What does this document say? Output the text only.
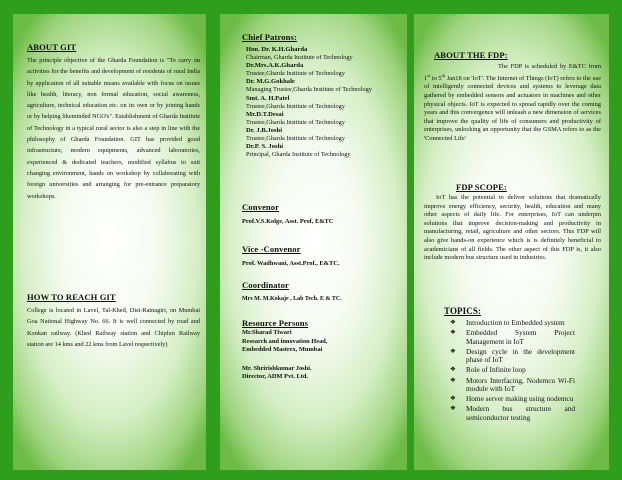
ABOUT GIT

The principle objective of the Gharda Foundation is "To carry on activities for the benefits and development of residents of rural India by application of all suitable means available with focus on issues like health, literacy, non formal education, social awareness, agriculture, technical education etc. on its own or by joining hands or by helping likeminded NGO's". Establishment of Gharda Institute of Technology in a typical rural sector is also a step in line with the philosophy of Gharda Foundation. GIT has provided good infrastructure, modern equipments, advanced laboratories, experienced & dedicated teachers, modified syllabus to suit changing environment, hands on workshop by collaborating with foreign universities and arranging for pre-entrance preparatory workshops.

HOW TO REACH GIT

College is located in Lavel, Tal-Khed, Dist-Ratnagiri, on Mumbai Goa National Highway No. 66. It is well connected by road and Konkan railway. (Khed Railway station and Chiplun Railway station are 14 kms and 22 kms from Lavel respectively)

Chief Patrons:
Hon. Dr. K.H.Gharda
Chairman, Gharda Institute of Technology
Dr.Mrs.A.K.Gharda
Trustee,Gharda Institute of Technology
Dr. M.G.Gokhale
Managing Trustee,Gharda Institute of Technology
Smt. A. H.Patel
Trustee,Gharda Institute of Technology
Mr.D.T.Desai
Trustee,Gharda Institute of Technology
Dr. J.B.Joshi
Trustee,Gharda Institute of Technology
Dr.P. S. Joshi
Principal, Gharda Institute of Technology
Convenor
Prof.V.S.Kolge, Asst. Prof, E&TC
Vice -Convenor
Prof. Wadhwani, Asst.Prof., E&TC.
Coordinator
Mrs M. M.Kokaje , Lab Tech. E & TC.
Resource Persons
Mr.Sharad Tiwari
Research and innovation Head,
Embedded Mastrex, Mumbai
Mr. Shririshkumar Joshi.
Director, ADM Pvt. Ltd.
ABOUT THE FDP:

The FDP is scheduled by E&TC from 1st to 5th Jan18 on 'IoT'. The Internet of Things (IoT) refers to the use of intelligently connected devices and systems to leverage data gathered by embedded sensors and actuators in machines and other physical objects. IoT is expected to spread rapidly over the coming years and this convergence will unleash a new dimension of services that improve the quality of life of consumers and productivity of enterprises, unlocking an opportunity that the GSMA refers to as the 'Connected Life'

FDP SCOPE:

IoT has the potential to deliver solutions that dramatically improve energy efficiency, security, health, education and many other aspects of daily life. For enterprises, IoT can underpin solutions that improve decision-making and productivity in manufacturing, retail, agriculture and other sectors. This FDP will also give hands-on experience which is is definitely beneficial to academicians of all fields. The other aspect of this FDP is, it also include modern bus structure used in industries.

TOPICS:
❖ Introduction to Embedded system
❖ Embedded System Project Management in IoT
❖ Design cycle in the development phase of IoT
❖ Role of Infinite loop
❖ Motors Interfacing, Nodemcu Wi-Fi module with IoT
❖ Home server making using nodemcu
❖ Modern bus structure and semiconductor testing
